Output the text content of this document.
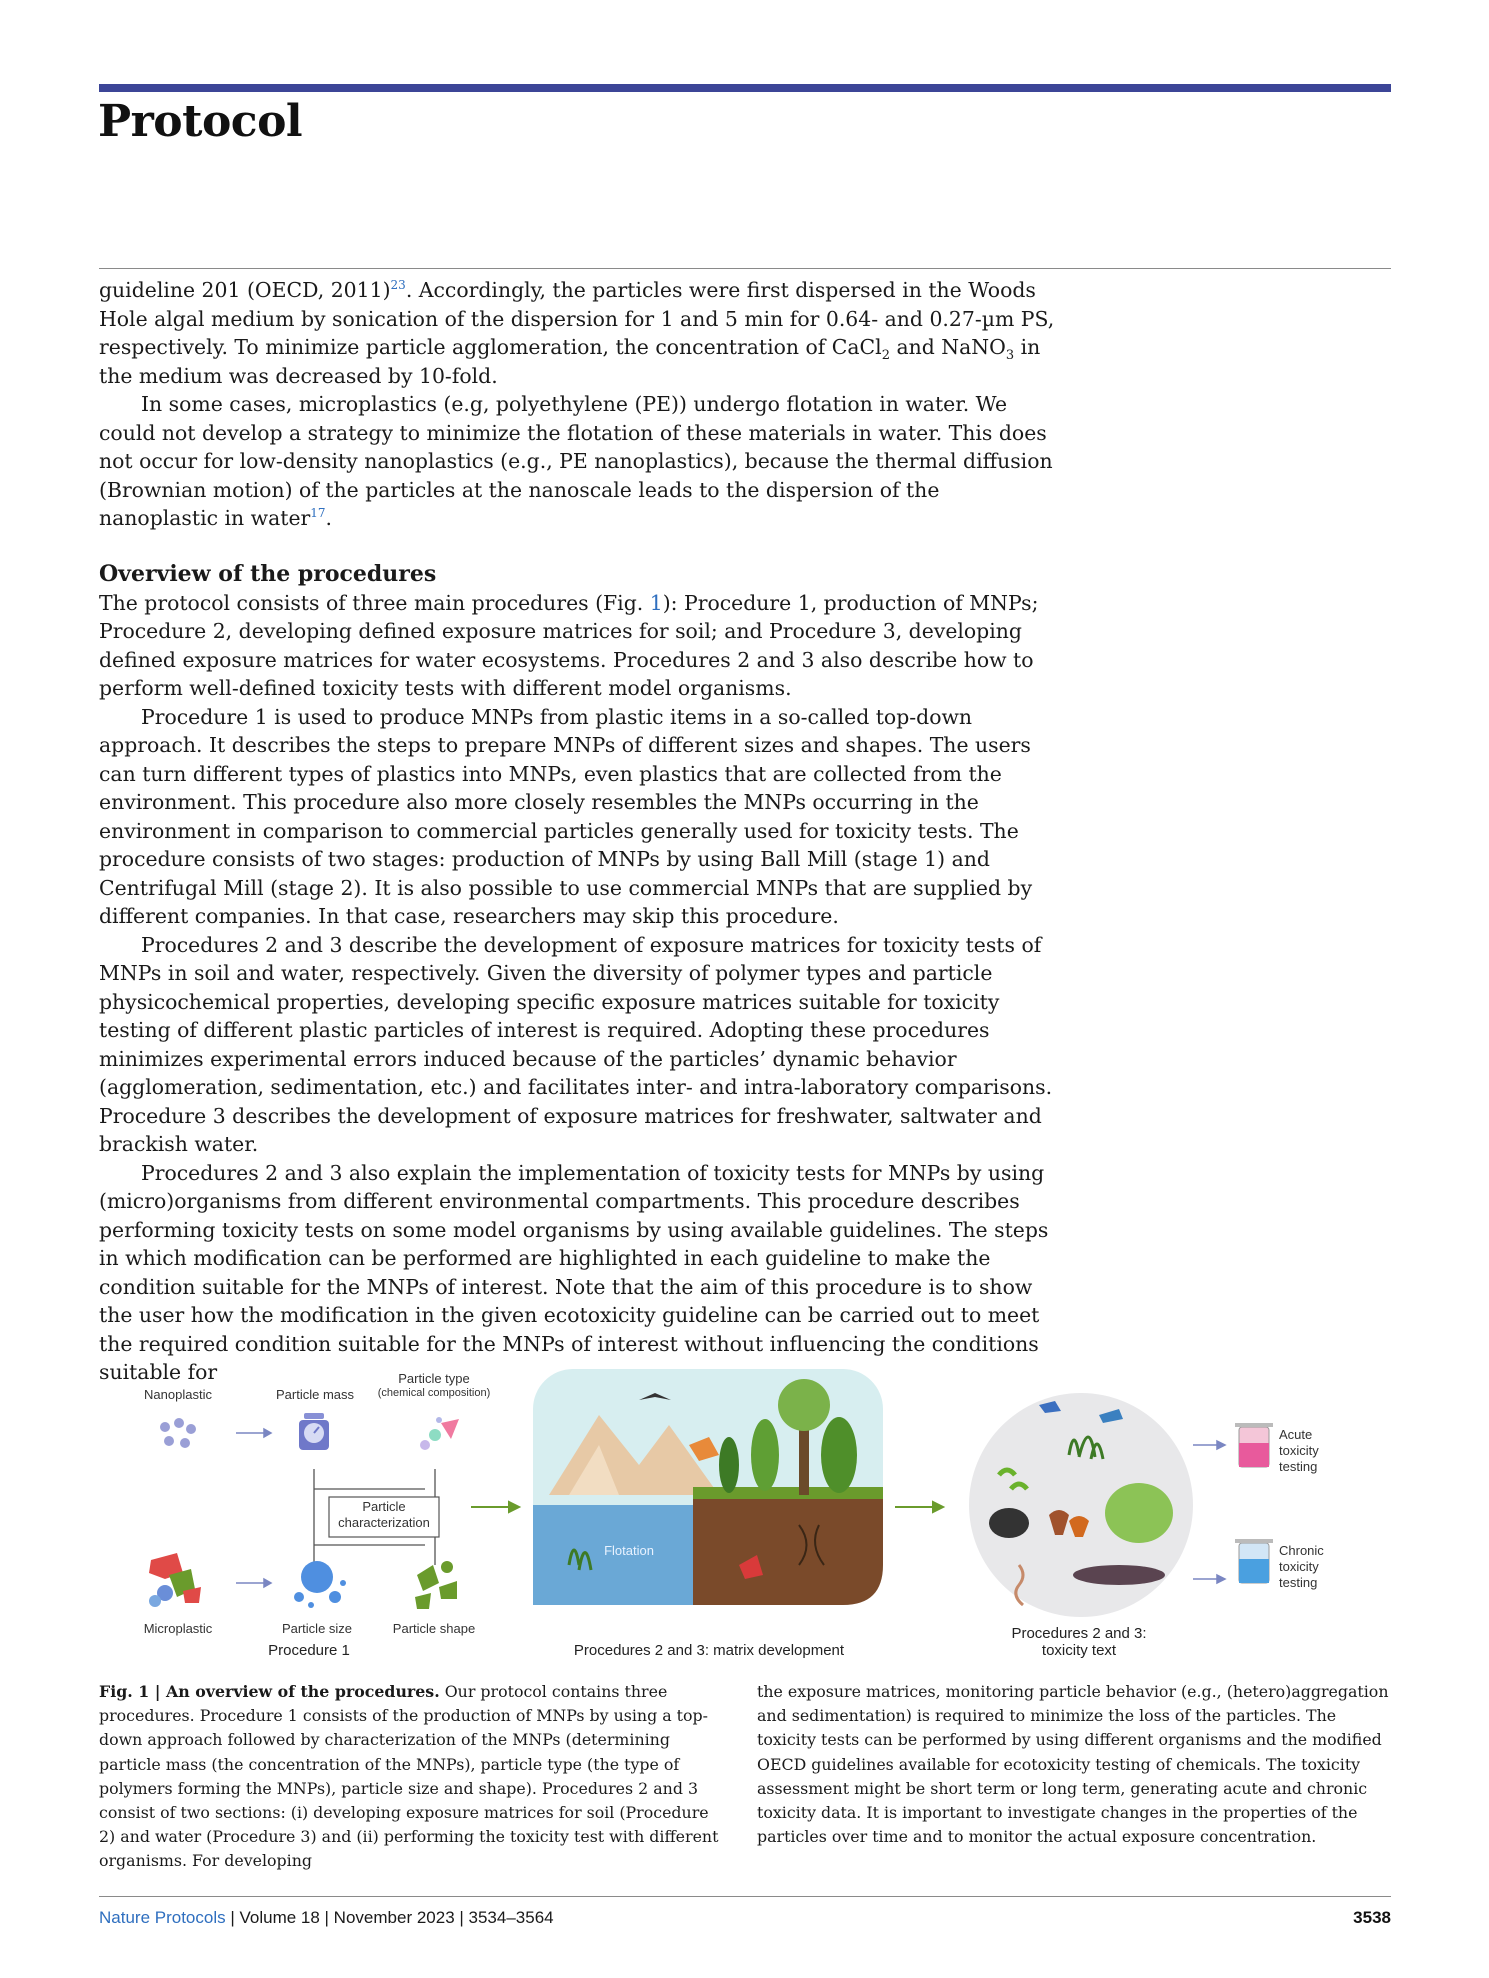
Protocol

guideline 201 (OECD, 2011)$^{23}$. Accordingly, the particles were first dispersed in the Woods Hole algal medium by sonication of the dispersion for 1 and 5 min for 0.64- and 0.27-µm PS, respectively. To minimize particle agglomeration, the concentration of CaCl$_2$ and NaNO$_3$ in the medium was decreased by 10-fold.

In some cases, microplastics (e.g, polyethylene (PE)) undergo flotation in water. We could not develop a strategy to minimize the flotation of these materials in water. This does not occur for low-density nanoplastics (e.g., PE nanoplastics), because the thermal diffusion (Brownian motion) of the particles at the nanoscale leads to the dispersion of the nanoplastic in water$^{17}$.

Overview of the procedures

The protocol consists of three main procedures (Fig. 1): Procedure 1, production of MNPs; Procedure 2, developing defined exposure matrices for soil; and Procedure 3, developing defined exposure matrices for water ecosystems. Procedures 2 and 3 also describe how to perform well-defined toxicity tests with different model organisms.

Procedure 1 is used to produce MNPs from plastic items in a so-called top-down approach. It describes the steps to prepare MNPs of different sizes and shapes. The users can turn different types of plastics into MNPs, even plastics that are collected from the environment. This procedure also more closely resembles the MNPs occurring in the environment in comparison to commercial particles generally used for toxicity tests. The procedure consists of two stages: production of MNPs by using Ball Mill (stage 1) and Centrifugal Mill (stage 2). It is also possible to use commercial MNPs that are supplied by different companies. In that case, researchers may skip this procedure.

Procedures 2 and 3 describe the development of exposure matrices for toxicity tests of MNPs in soil and water, respectively. Given the diversity of polymer types and particle physicochemical properties, developing specific exposure matrices suitable for toxicity testing of different plastic particles of interest is required. Adopting these procedures minimizes experimental errors induced because of the particles’ dynamic behavior (agglomeration, sedimentation, etc.) and facilitates inter- and intra-laboratory comparisons. Procedure 3 describes the development of exposure matrices for freshwater, saltwater and brackish water.

Procedures 2 and 3 also explain the implementation of toxicity tests for MNPs by using (micro)organisms from different environmental compartments. This procedure describes performing toxicity tests on some model organisms by using available guidelines. The steps in which modification can be performed are highlighted in each guideline to make the condition suitable for the MNPs of interest. Note that the aim of this procedure is to show the user how the modification in the given ecotoxicity guideline can be carried out to meet the required condition suitable for the MNPs of interest without influencing the conditions suitable for

Nanoplastic	Particle mass
Particle type
(chemical composition)
Particle
characterization
Microplastic	Particle size	Particle shape
Procedure 1
Flotation
Procedures 2 and 3: matrix development
Procedures 2 and 3:
toxicity text
Acute
toxicity
testing
Chronic
toxicity
testing
Fig. 1 | An overview of the procedures. Our protocol contains three procedures. Procedure 1 consists of the production of MNPs by using a top-down approach followed by characterization of the MNPs (determining particle mass (the concentration of the MNPs), particle type (the type of polymers forming the MNPs), particle size and shape). Procedures 2 and 3 consist of two sections: (i) developing exposure matrices for soil (Procedure 2) and water (Procedure 3) and (ii) performing the toxicity test with different organisms. For developing
the exposure matrices, monitoring particle behavior (e.g., (hetero)aggregation and sedimentation) is required to minimize the loss of the particles. The toxicity tests can be performed by using different organisms and the modified OECD guidelines available for ecotoxicity testing of chemicals. The toxicity assessment might be short term or long term, generating acute and chronic toxicity data. It is important to investigate changes in the properties of the particles over time and to monitor the actual exposure concentration.
Nature Protocols | Volume 18 | November 2023 | 3534–3564	3538
